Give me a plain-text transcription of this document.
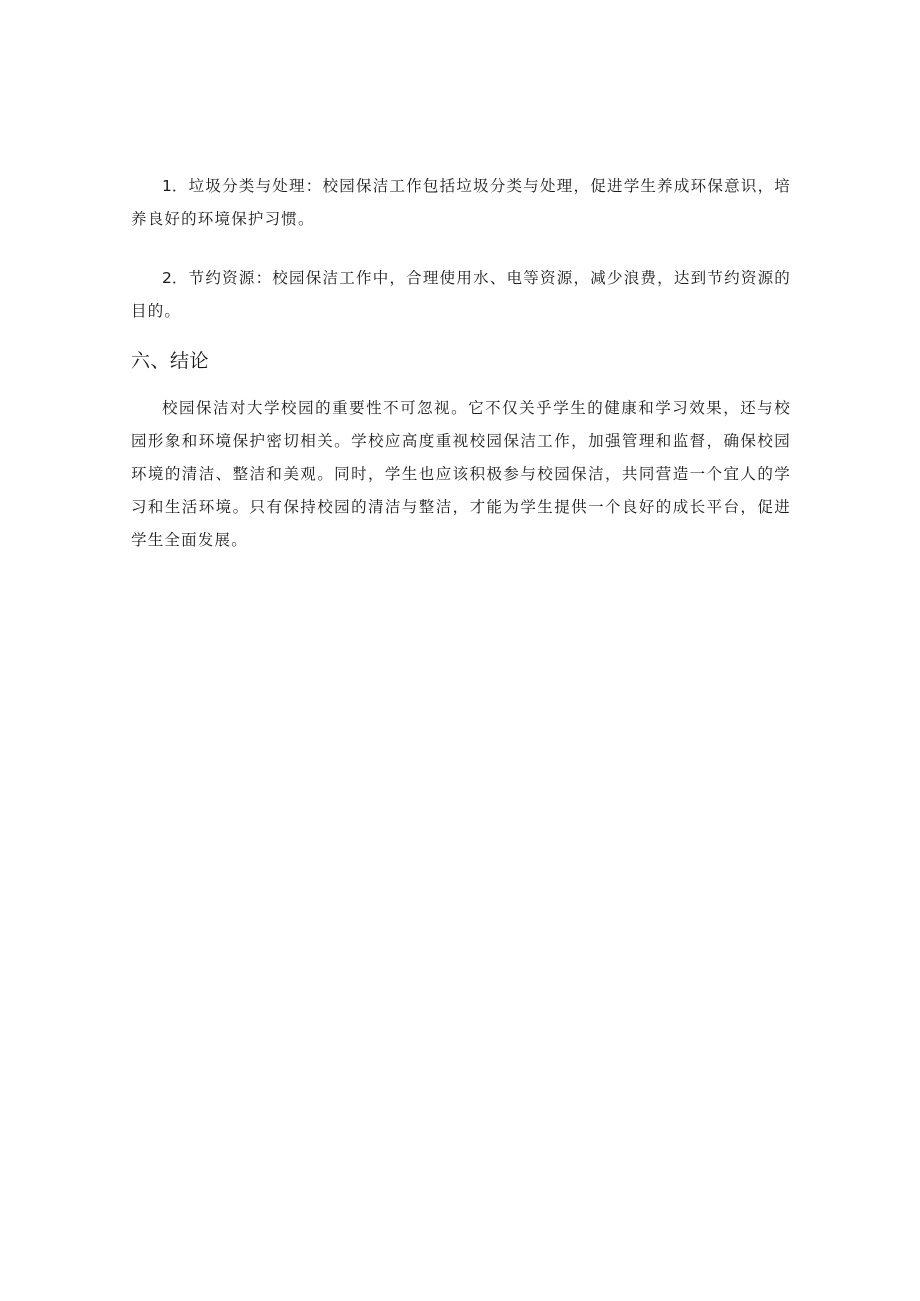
1．垃圾分类与处理：校园保洁工作包括垃圾分类与处理，促进学生养成环保意识，培养良好的环境保护习惯。

2．节约资源：校园保洁工作中，合理使用水、电等资源，减少浪费，达到节约资源的目的。

六、结论

校园保洁对大学校园的重要性不可忽视。它不仅关乎学生的健康和学习效果，还与校园形象和环境保护密切相关。学校应高度重视校园保洁工作，加强管理和监督，确保校园环境的清洁、整洁和美观。同时，学生也应该积极参与校园保洁，共同营造一个宜人的学习和生活环境。只有保持校园的清洁与整洁，才能为学生提供一个良好的成长平台，促进学生全面发展。
